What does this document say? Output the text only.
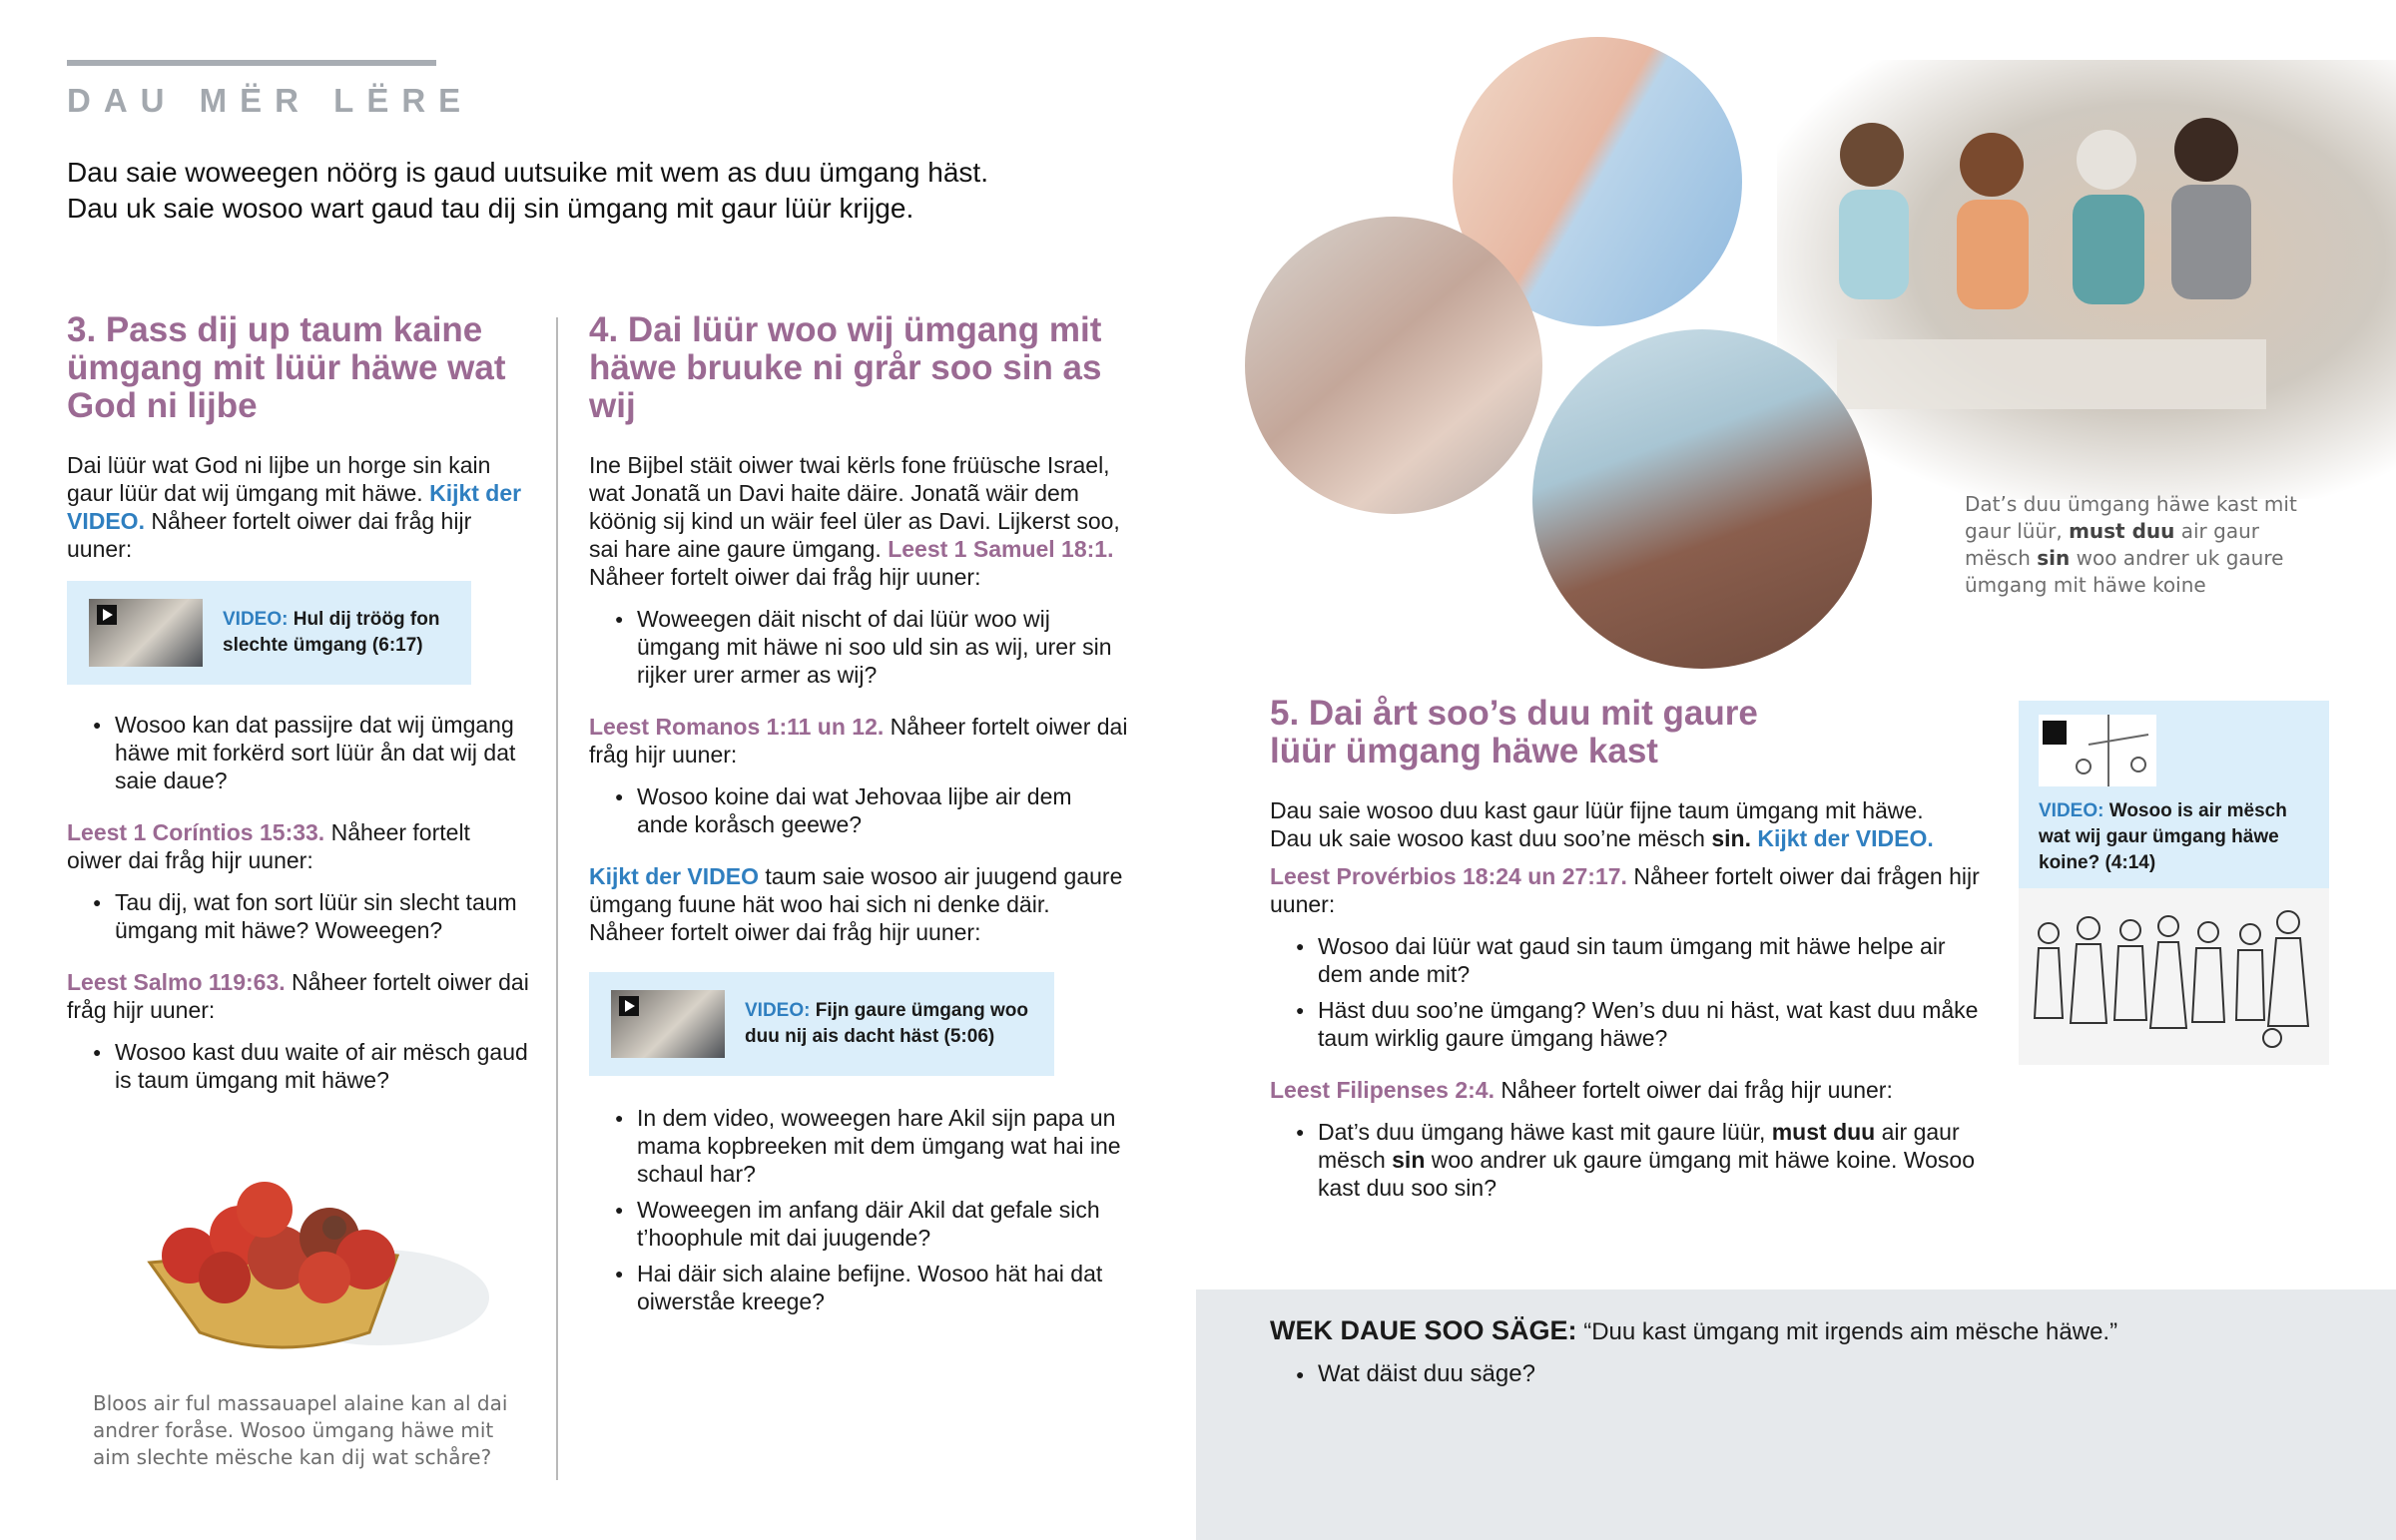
DAU MËR LËRE
Dau saie woweegen nöörg is gaud uutsuike mit wem as duu ümgang häst.
Dau uk saie wosoo wart gaud tau dij sin ümgang mit gaur lüür krijge.
3. Pass dij up taum kaine ümgang mit lüür häwe wat God ni lijbe

Dai lüür wat God ni lijbe un horge sin kain gaur lüür dat wij ümgang mit häwe. Kijkt der VIDEO. Nåheer fortelt oiwer dai fråg hijr uuner:

VIDEO: Hul dij tröög fon slechte ümgang (6:17)
● Wosoo kan dat passijre dat wij ümgang häwe mit forkërd sort lüür ån dat wij dat saie daue?

Leest 1 Coríntios 15:33. Nåheer fortelt oiwer dai fråg hijr uuner:

● Tau dij, wat fon sort lüür sin slecht taum ümgang mit häwe? Woweegen?

Leest Salmo 119:63. Nåheer fortelt oiwer dai fråg hijr uuner:

● Wosoo kast duu waite of air mësch gaud is taum ümgang mit häwe?
Bloos air ful massauapel alaine kan al dai andrer foråse. Wosoo ümgang häwe mit aim slechte mësche kan dij wat schåre?
4. Dai lüür woo wij ümgang mit häwe bruuke ni grår soo sin as wij

Ine Bijbel stäit oiwer twai kërls fone früüsche Israel, wat Jonatã un Davi haite däire. Jonatã wäir dem köönig sij kind un wäir feel üler as Davi. Lijkerst soo, sai hare aine gaure ümgang. Leest 1 Samuel 18:1. Nåheer fortelt oiwer dai fråg hijr uuner:

● Woweegen däit nischt of dai lüür woo wij ümgang mit häwe ni soo uld sin as wij, urer sin rijker urer armer as wij?

Leest Romanos 1:11 un 12. Nåheer fortelt oiwer dai fråg hijr uuner:

● Wosoo koine dai wat Jehovaa lijbe air dem ande koråsch geewe?

Kijkt der VIDEO taum saie wosoo air juugend gaure ümgang fuune hät woo hai sich ni denke däir. Nåheer fortelt oiwer dai fråg hijr uuner:

VIDEO: Fijn gaure ümgang woo duu nij ais dacht häst (5:06)
● In dem video, woweegen hare Akil sijn papa un mama kopbreeken mit dem ümgang wat hai ine schaul har?
● Woweegen im anfang däir Akil dat gefale sich t’hoophule mit dai juugende?
● Hai däir sich alaine befijne. Wosoo hät hai dat oiwerståe kreege?
Dat’s duu ümgang häwe kast mit gaur lüür, must duu air gaur mësch sin woo andrer uk gaure ümgang mit häwe koine
5. Dai årt soo’s duu mit gaure lüür ümgang häwe kast

Dau saie wosoo duu kast gaur lüür fijne taum ümgang mit häwe.
Dau uk saie wosoo kast duu soo’ne mësch sin. Kijkt der VIDEO.

Leest Provérbios 18:24 un 27:17. Nåheer fortelt oiwer dai frågen hijr uuner:

● Wosoo dai lüür wat gaud sin taum ümgang mit häwe helpe air dem ande mit?
● Häst duu soo’ne ümgang? Wen’s duu ni häst, wat kast duu måke taum wirklig gaure ümgang häwe?

Leest Filipenses 2:4. Nåheer fortelt oiwer dai fråg hijr uuner:

● Dat’s duu ümgang häwe kast mit gaure lüür, must duu air gaur mësch sin woo andrer uk gaure ümgang mit häwe koine. Wosoo kast duu soo sin?
VIDEO: Wosoo is air mësch wat wij gaur ümgang häwe koine? (4:14)
WEK DAUE SOO SÄGE: “Duu kast ümgang mit irgends aim mësche häwe.”
● Wat däist duu säge?
